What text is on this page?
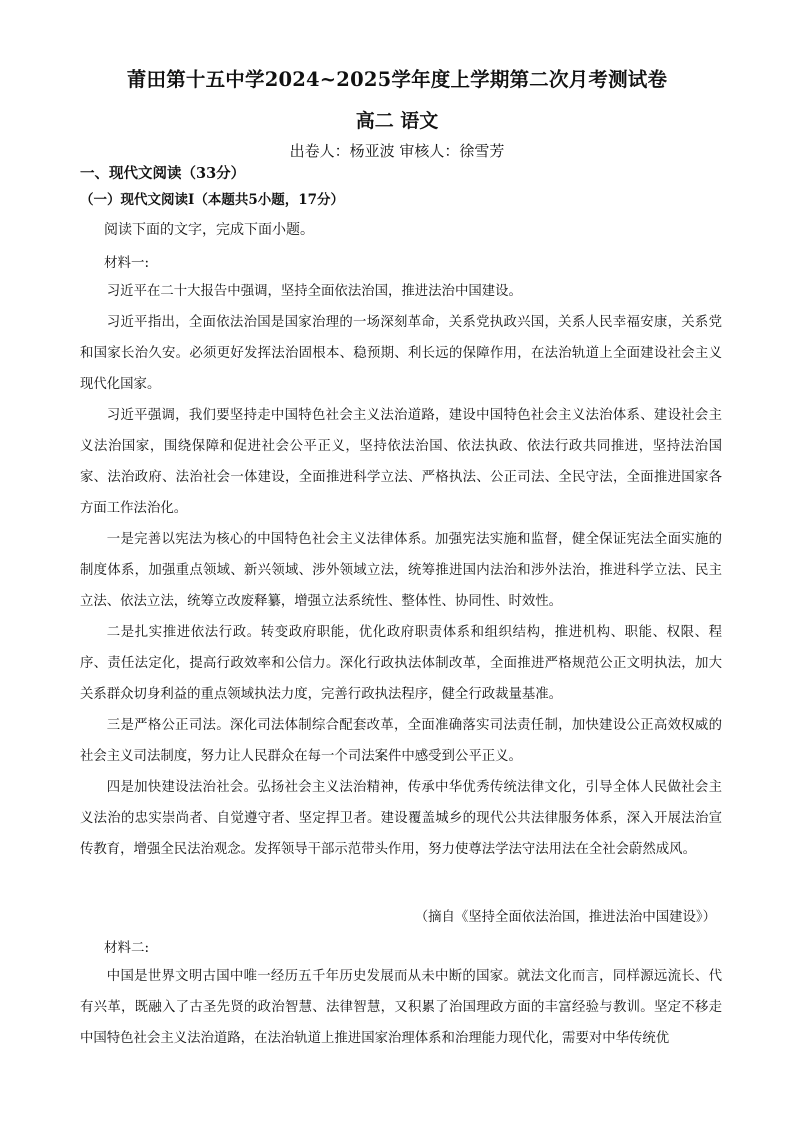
莆田第十五中学2024~2025学年度上学期第二次月考测试卷
高二 语文
出卷人：杨亚波 审核人：徐雪芳
一、现代文阅读（33分）
（一）现代文阅读Ⅰ（本题共5小题，17分）
阅读下面的文字，完成下面小题。
材料一:

习近平在二十大报告中强调，坚持全面依法治国，推进法治中国建设。

习近平指出，全面依法治国是国家治理的一场深刻革命，关系党执政兴国，关系人民幸福安康，关系党和国家长治久安。必须更好发挥法治固根本、稳预期、利长远的保障作用，在法治轨道上全面建设社会主义现代化国家。

习近平强调，我们要坚持走中国特色社会主义法治道路，建设中国特色社会主义法治体系、建设社会主义法治国家，围绕保障和促进社会公平正义，坚持依法治国、依法执政、依法行政共同推进，坚持法治国家、法治政府、法治社会一体建设，全面推进科学立法、严格执法、公正司法、全民守法，全面推进国家各方面工作法治化。

一是完善以宪法为核心的中国特色社会主义法律体系。加强宪法实施和监督，健全保证宪法全面实施的制度体系，加强重点领域、新兴领域、涉外领域立法，统筹推进国内法治和涉外法治，推进科学立法、民主立法、依法立法，统筹立改废释纂，增强立法系统性、整体性、协同性、时效性。

二是扎实推进依法行政。转变政府职能，优化政府职责体系和组织结构，推进机构、职能、权限、程序、责任法定化，提高行政效率和公信力。深化行政执法体制改革，全面推进严格规范公正文明执法，加大关系群众切身利益的重点领域执法力度，完善行政执法程序，健全行政裁量基准。

三是严格公正司法。深化司法体制综合配套改革，全面准确落实司法责任制，加快建设公正高效权威的社会主义司法制度，努力让人民群众在每一个司法案件中感受到公平正义。

四是加快建设法治社会。弘扬社会主义法治精神，传承中华优秀传统法律文化，引导全体人民做社会主义法治的忠实崇尚者、自觉遵守者、坚定捍卫者。建设覆盖城乡的现代公共法律服务体系，深入开展法治宣传教育，增强全民法治观念。发挥领导干部示范带头作用，努力使尊法学法守法用法在全社会蔚然成风。

（摘自《坚持全面依法治国，推进法治中国建设》）
材料二:

中国是世界文明古国中唯一经历五千年历史发展而从未中断的国家。就法文化而言，同样源远流长、代有兴革，既融入了古圣先贤的政治智慧、法律智慧，又积累了治国理政方面的丰富经验与教训。坚定不移走中国特色社会主义法治道路，在法治轨道上推进国家治理体系和治理能力现代化，需要对中华传统优
